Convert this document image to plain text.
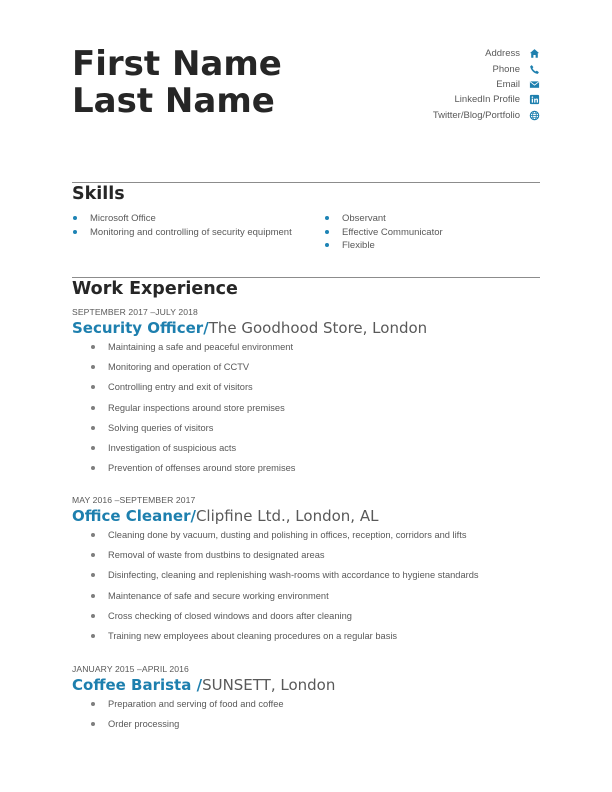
First Name
Last Name
Address
Phone
Email
LinkedIn Profile
Twitter/Blog/Portfolio
Skills
Microsoft Office
Monitoring and controlling of security equipment
Observant
Effective Communicator
Flexible
Work Experience
SEPTEMBER 2017 –JULY 2018
Security Officer/The Goodhood Store, London
Maintaining a safe and peaceful environment
Monitoring and operation of CCTV
Controlling entry and exit of visitors
Regular inspections around store premises
Solving queries of visitors
Investigation of suspicious acts
Prevention of offenses around store premises
MAY 2016 –SEPTEMBER 2017
Office Cleaner/Clipfine Ltd., London, AL
Cleaning done by vacuum, dusting and polishing in offices, reception, corridors and lifts
Removal of waste from dustbins to designated areas
Disinfecting, cleaning and replenishing wash-rooms with accordance to hygiene standards
Maintenance of safe and secure working environment
Cross checking of closed windows and doors after cleaning
Training new employees about cleaning procedures on a regular basis
JANUARY 2015 –APRIL 2016
Coffee Barista /SUNSETT, London
Preparation and serving of food and coffee
Order processing
